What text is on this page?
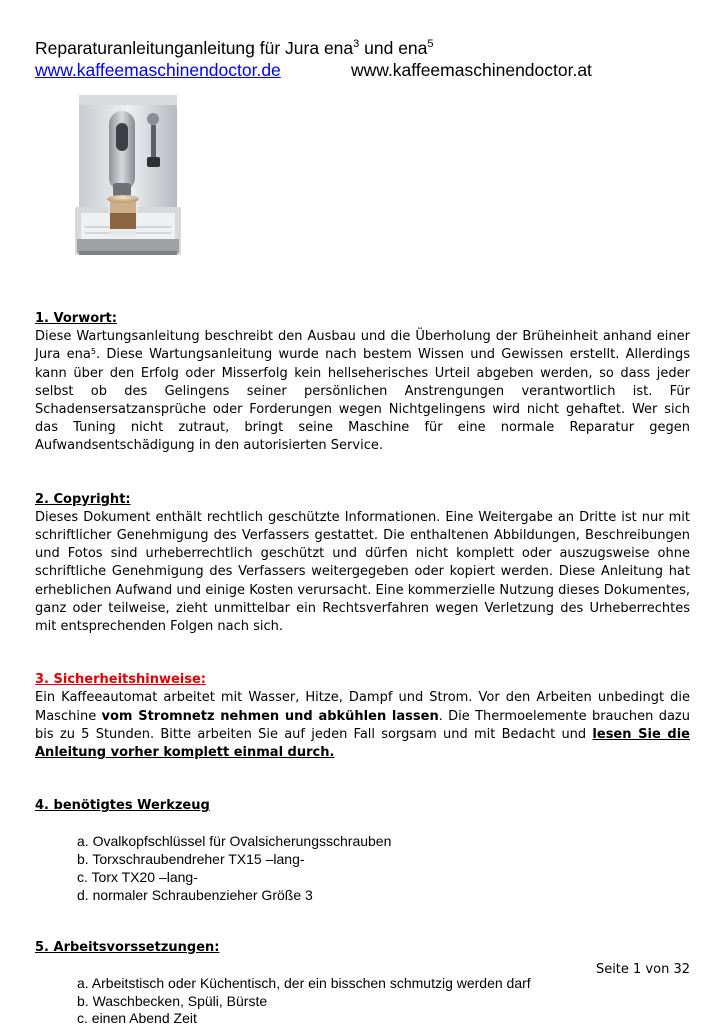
Reparaturanleitunganleitung für Jura ena$^3$ und ena$^5$
www.kaffeemaschinendoctor.de	www.kaffeemaschinendoctor.at
1. Vorwort:
Diese Wartungsanleitung beschreibt den Ausbau und die Überholung der Brüheinheit anhand einer Jura ena$^5$. Diese Wartungsanleitung wurde nach bestem Wissen und Gewissen erstellt. Allerdings kann über den Erfolg oder Misserfolg kein hellseherisches Urteil abgeben werden, so dass jeder selbst ob des Gelingens seiner persönlichen Anstrengungen verantwortlich ist. Für Schadensersatzansprüche oder Forderungen wegen Nichtgelingens wird nicht gehaftet. Wer sich das Tuning nicht zutraut, bringt seine Maschine für eine normale Reparatur gegen Aufwandsentschädigung in den autorisierten Service.
2. Copyright:
Dieses Dokument enthält rechtlich geschützte Informationen. Eine Weitergabe an Dritte ist nur mit schriftlicher Genehmigung des Verfassers gestattet. Die enthaltenen Abbildungen, Beschreibungen und Fotos sind urheberrechtlich geschützt und dürfen nicht komplett oder auszugsweise ohne schriftliche Genehmigung des Verfassers weitergegeben oder kopiert werden. Diese Anleitung hat erheblichen Aufwand und einige Kosten verursacht. Eine kommerzielle Nutzung dieses Dokumentes, ganz oder teilweise, zieht unmittelbar ein Rechtsverfahren wegen Verletzung des Urheberrechtes mit entsprechenden Folgen nach sich.
3. Sicherheitshinweise:
Ein Kaffeeautomat arbeitet mit Wasser, Hitze, Dampf und Strom. Vor den Arbeiten unbedingt die Maschine vom Stromnetz nehmen und abkühlen lassen. Die Thermoelemente brauchen dazu bis zu 5 Stunden. Bitte arbeiten Sie auf jeden Fall sorgsam und mit Bedacht und lesen Sie die Anleitung vorher komplett einmal durch.
4. benötigtes Werkzeug
a. Ovalkopfschlüssel für Ovalsicherungsschrauben
b. Torxschraubendreher TX15 –lang-
c. Torx TX20 –lang-
d. normaler Schraubenzieher Größe 3
5. Arbeitsvorssetzungen:
a. Arbeitstisch oder Küchentisch, der ein bisschen schmutzig werden darf
b. Waschbecken, Spüli, Bürste
c. einen Abend Zeit
Seite 1 von 32
